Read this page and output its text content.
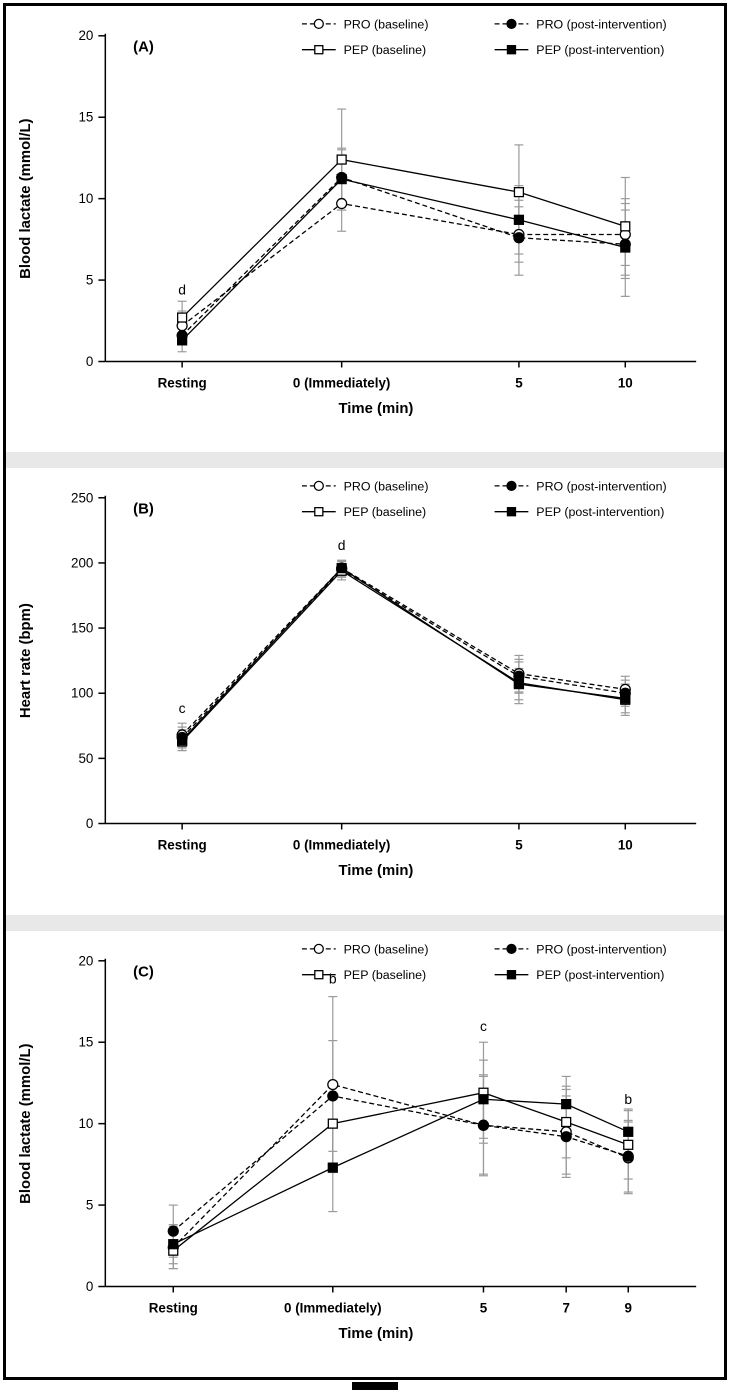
0
5
10
15
20
Resting	0 (Immediately)	5	10
Time (min)
Blood lactate (mmol/L)
(A)
d
PRO (baseline)	PRO (post-intervention)
PEP (baseline)	PEP (post-intervention)
0
50
100
150
200
250
Resting	0 (Immediately)	5	10
Time (min)
Heart rate (bpm)
(B)
c
d
PRO (baseline)	PRO (post-intervention)
PEP (baseline)	PEP (post-intervention)
0
5
10
15
20
Resting	0 (Immediately)	5	7	9
Time (min)
Blood lactate (mmol/L)
(C)	b
c
b
PRO (baseline)	PRO (post-intervention)
PEP (baseline)	PEP (post-intervention)
